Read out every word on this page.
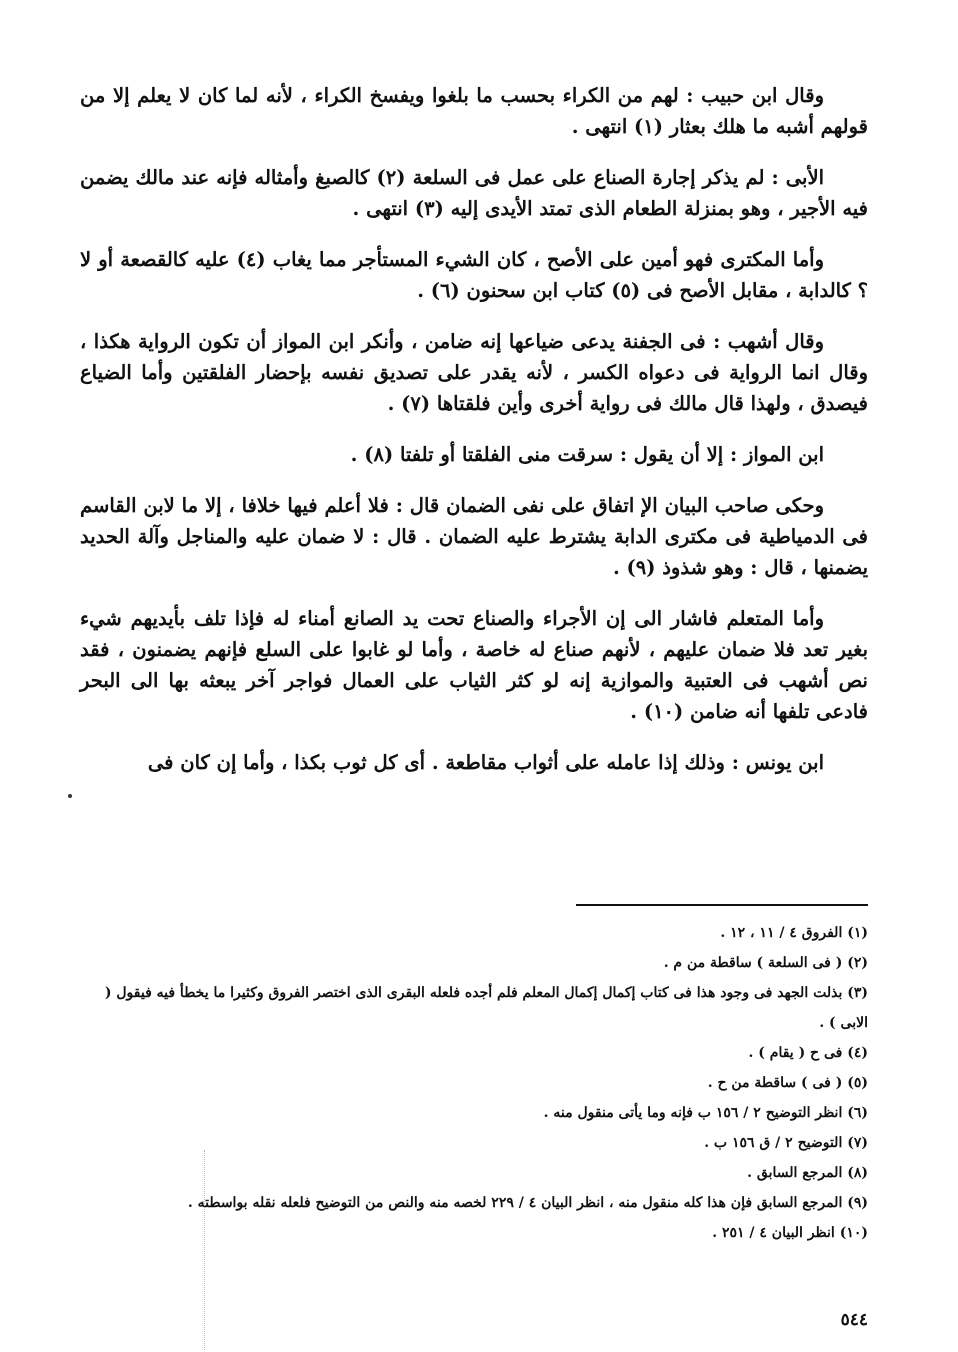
وقال ابن حبيب : لهم من الكراء بحسب ما بلغوا ويفسخ الكراء ، لأنه لما كان لا يعلم إلا من قولهم أشبه ما هلك بعثار (١) انتهى .

الأبى : لم يذكر إجارة الصناع على عمل فى السلعة (٢) كالصبغ وأمثاله فإنه عند مالك يضمن فيه الأجير ، وهو بمنزلة الطعام الذى تمتد الأيدى إليه (٣) انتهى .

وأما المكترى فهو أمين على الأصح ، كان الشيء المستأجر مما يغاب (٤) عليه كالقصعة أو لا ؟ كالدابة ، مقابل الأصح فى (٥) كتاب ابن سحنون (٦) .

وقال أشهب : فى الجفنة يدعى ضياعها إنه ضامن ، وأنكر ابن المواز أن تكون الرواية هكذا ، وقال انما الرواية فى دعواه الكسر ، لأنه يقدر على تصديق نفسه بإحضار الفلقتين وأما الضياع فيصدق ، ولهذا قال مالك فى رواية أخرى وأين فلقتاها (٧) .

ابن المواز : إلا أن يقول : سرقت منى الفلقتا أو تلفتا (٨) .

وحكى صاحب البيان الإ اتفاق على نفى الضمان قال : فلا أعلم فيها خلافا ، إلا ما لابن القاسم فى الدمياطية فى مكترى الدابة يشترط عليه الضمان . قال : لا ضمان عليه والمناجل وآلة الحديد يضمنها ، قال : وهو شذوذ (٩) .

وأما المتعلم فاشار الى إن الأجراء والصناع تحت يد الصانع أمناء له فإذا تلف بأيديهم شيء بغير تعد فلا ضمان عليهم ، لأنهم صناع له خاصة ، وأما لو غابوا على السلع فإنهم يضمنون ، فقد نص أشهب فى العتبية والموازية إنه لو كثر الثياب على العمال فواجر آخر يبعثه بها الى البحر فادعى تلفها أنه ضامن (١٠) .

ابن يونس : وذلك إذا عامله على أثواب مقاطعة . أى كل ثوب بكذا ، وأما إن كان فى

(١) الفروق ٤ / ١١ ، ١٢ .

(٢) ( فى السلعة ) ساقطة من م .

(٣) بذلت الجهد فى وجود هذا فى كتاب إكمال إكمال المعلم فلم أجده فلعله البقرى الذى اختصر الفروق وكثيرا ما يخطأ فيه فيقول ( الابى ) .

(٤) فى ح ( يقام ) .

(٥) ( فى ) ساقطة من ح .

(٦) انظر التوضيح ٢ / ١٥٦ ب فإنه وما يأتى منقول منه .

(٧) التوضيح ٢ / ق ١٥٦ ب .

(٨) المرجع السابق .

(٩) المرجع السابق فإن هذا كله منقول منه ، انظر البيان ٤ / ٢٢٩ لخصه منه والنص من التوضيح فلعله نقله بواسطته .

(١٠) انظر البيان ٤ / ٢٥١ .

٥٤٤
